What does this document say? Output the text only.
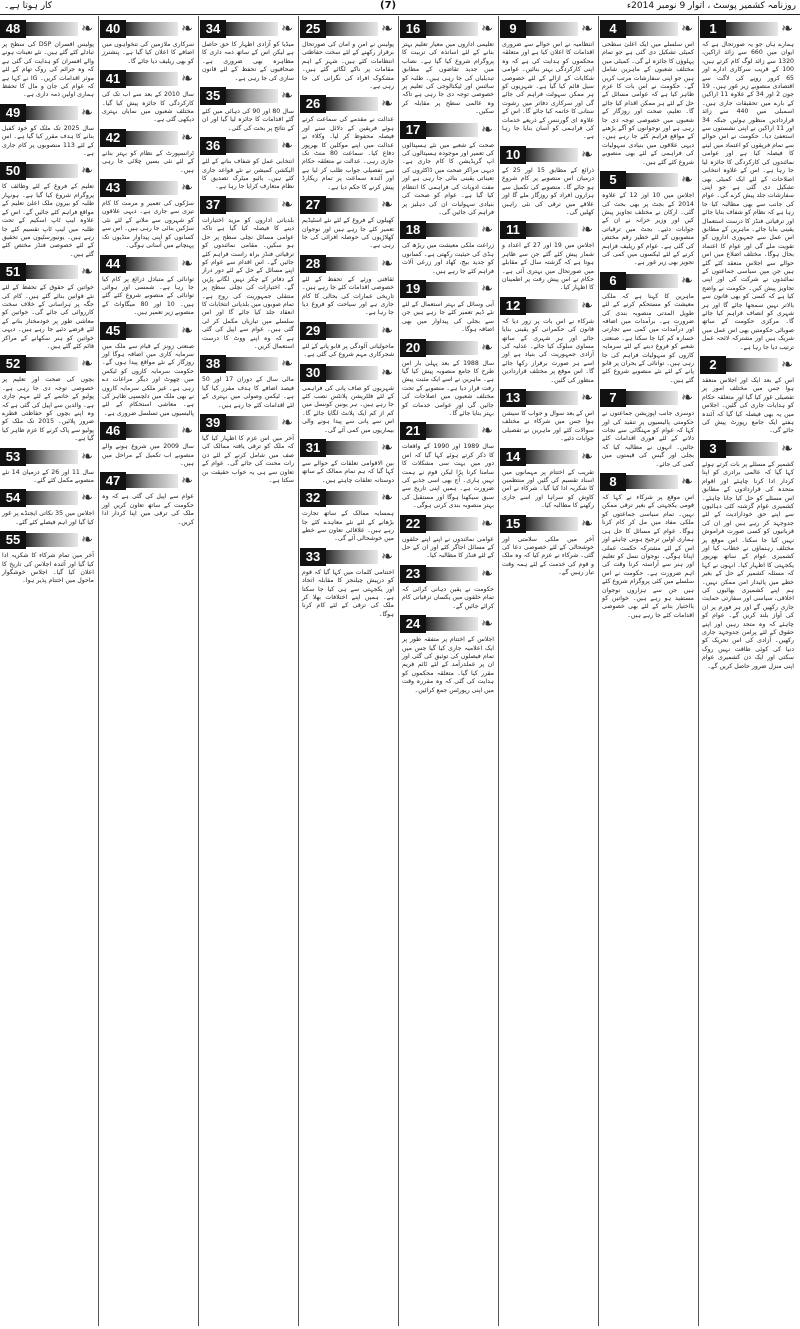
کار ہوتا ہے۔	(7)	روزنامہ کشمیر پوسٹ ، اتوار 9 نومبر 2014ء
1	❧

ہمارے ہاں جو یہ صورتحال ہے کہ ایوان میں 660 سے زائد اراکین، 1320 سے زائد لوگ کام کرتے ہیں، 100 کے قریب سرکاری ادارے اور 65 کرور روپے کی لاگت سے اقتصادی منصوبے زیر غور ہیں۔ 19 جون 2 اور 34 کے علاوہ 11 اراکین کے بارے میں تحقیقات جاری ہیں۔ اسمبلی میں 440 سے زائد قراردادیں منظور ہوئیں جبکہ 34 اور 11 اراکین نے اپنی نشستوں سے استعفیٰ دیا۔ حکومت نے اس حوالے سے تمام فریقوں کو اعتماد میں لینے کا فیصلہ کیا ہے اور عوامی نمائندوں کی کارکردگی کا جائزہ لیا جا رہا ہے۔ اس کے علاوہ انتخابی اصلاحات کے لئے ایک کمیٹی بھی تشکیل دی گئی ہے جو اپنی سفارشات جلد پیش کرے گی۔ عوام کی جانب سے بھی مطالبہ کیا جا رہا ہے کہ نظام کو شفاف بنایا جائے اور ترقیاتی فنڈز کا درست استعمال یقینی بنایا جائے۔ ماہرین کے مطابق اس عمل سے جمہوری اداروں کو تقویت ملے گی اور عوام کا اعتماد بحال ہوگا۔ مختلف اضلاع میں اس حوالے سے اجلاس منعقد کئے گئے ہیں جن میں سیاسی جماعتوں کے نمائندوں نے شرکت کی اور اپنی تجاویز پیش کیں۔ حکومت نے واضح کیا ہے کہ کسی کو بھی قانون سے بالاتر نہیں سمجھا جائے گا اور ہر شہری کو انصاف فراہم کیا جائے گا۔ مرکزی حکومت کے ساتھ صوبائی حکومتیں بھی اس عمل میں شریک ہیں اور مشترکہ لائحہ عمل ترتیب دیا جا رہا ہے۔

2	❧

اس کے بعد ایک اور اجلاس منعقد ہوا جس میں مختلف امور پر تفصیلی غور کیا گیا اور متعلقہ حکام کو ہدایات جاری کی گئیں۔ اجلاس میں یہ بھی فیصلہ کیا گیا کہ آئندہ ہفتے ایک جامع رپورٹ پیش کی جائے گی۔

3	❧

کشمیر کے مسئلے پر بات کرتے ہوئے کہا گیا کہ عالمی برادری کو اپنا کردار ادا کرنا چاہئے اور اقوام متحدہ کی قراردادوں کے مطابق اس مسئلے کو حل کیا جانا چاہئے۔ کشمیری عوام گزشتہ کئی دہائیوں سے اپنے حق خودارادیت کے لئے جدوجہد کر رہے ہیں اور ان کی قربانیوں کو کسی صورت فراموش نہیں کیا جا سکتا۔ اس موقع پر مختلف رہنماؤں نے خطاب کیا اور کشمیری عوام کے ساتھ بھرپور یکجہتی کا اظہار کیا۔ انہوں نے کہا کہ مسئلہ کشمیر کے حل کے بغیر خطے میں پائیدار امن ممکن نہیں۔ ہم اپنے کشمیری بھائیوں کی اخلاقی، سیاسی اور سفارتی حمایت جاری رکھیں گے اور ہر فورم پر ان کی آواز بلند کریں گے۔ عوام کو چاہئے کہ وہ متحد رہیں اور اپنے حقوق کے لئے پرامن جدوجہد جاری رکھیں۔ آزادی کی اس تحریک کو دنیا کی کوئی طاقت نہیں روک سکتی اور ایک دن کشمیری عوام اپنی منزل ضرور حاصل کریں گے۔

4	❧

اس سلسلے میں ایک اعلیٰ سطحی کمیٹی تشکیل دی گئی ہے جو تمام پہلوؤں کا جائزہ لے گی۔ کمیٹی میں مختلف شعبوں کے ماہرین شامل ہیں جو اپنی سفارشات مرتب کریں گے۔ حکومت نے اس بات کا عزم ظاہر کیا ہے کہ عوامی مسائل کے حل کے لئے ہر ممکن اقدام کیا جائے گا۔ تعلیم، صحت اور روزگار کے شعبوں میں خصوصی توجہ دی جا رہی ہے اور نوجوانوں کو آگے بڑھنے کے مواقع فراہم کئے جا رہے ہیں۔ دیہی علاقوں میں بنیادی سہولیات کی فراہمی کے لئے بھی منصوبے شروع کئے گئے ہیں۔

5	❧

اجلاس میں 10 اور 12 کے علاوہ 2014 کے بجٹ پر بھی بحث کی گئی۔ ارکان نے مختلف تجاویز پیش کیں اور وزیر خزانہ نے ان کے جوابات دئیے۔ بجٹ میں ترقیاتی منصوبوں کے لئے خطیر رقم مختص کی گئی ہے۔ عوام کو ریلیف فراہم کرنے کے لئے ٹیکسوں میں کمی کی تجویز بھی زیر غور ہے۔

6	❧

ماہرین کا کہنا ہے کہ ملکی معیشت کو مستحکم کرنے کے لئے طویل المدتی منصوبہ بندی کی ضرورت ہے۔ برآمدات میں اضافہ اور درآمدات میں کمی سے تجارتی خسارہ کم کیا جا سکتا ہے۔ صنعتی شعبے کو فروغ دینے کے لئے سرمایہ کاروں کو سہولیات فراہم کی جا رہی ہیں۔ توانائی کے بحران پر قابو پانے کے لئے نئے منصوبے شروع کئے گئے ہیں۔

7	❧

دوسری جانب اپوزیشن جماعتوں نے حکومتی پالیسیوں پر تنقید کی اور کہا کہ عوام کو مہنگائی سے نجات دلانے کے لئے فوری اقدامات کئے جائیں۔ انہوں نے مطالبہ کیا کہ بجلی اور گیس کی قیمتوں میں کمی کی جائے۔

8	❧

اس موقع پر شرکاء نے کہا کہ قومی یکجہتی کے بغیر ترقی ممکن نہیں۔ تمام سیاسی جماعتوں کو ملکی مفاد میں مل کر کام کرنا ہوگا۔ عوام کے مسائل کا حل ہی ہماری اولین ترجیح ہونی چاہئے اور اس کے لئے مشترکہ حکمت عملی اپنانا ہوگی۔ نوجوان نسل کو تعلیم اور ہنر سے آراستہ کرنا وقت کی اہم ضرورت ہے۔ حکومت نے اس سلسلے میں کئی پروگرام شروع کئے ہیں جن سے ہزاروں نوجوان مستفید ہو رہے ہیں۔ خواتین کو بااختیار بنانے کے لئے بھی خصوصی اقدامات کئے جا رہے ہیں۔

9	❧

انتظامیہ نے اس حوالے سے ضروری اقدامات کا اعلان کیا ہے اور متعلقہ محکموں کو ہدایت کی ہے کہ وہ اپنی کارکردگی بہتر بنائیں۔ عوامی شکایات کے ازالے کے لئے خصوصی سیل قائم کیا گیا ہے۔ شہریوں کو ہر ممکن سہولت فراہم کی جائے گی اور سرکاری دفاتر میں رشوت ستانی کا خاتمہ کیا جائے گا۔ اس کے علاوہ ای گورننس کے ذریعے خدمات کی فراہمی کو آسان بنایا جا رہا ہے۔

10	❧

ذرائع کے مطابق 15 اور 25 کے درمیان اس منصوبے پر کام شروع ہو جائے گا۔ منصوبے کی تکمیل سے ہزاروں افراد کو روزگار ملے گا اور علاقے میں ترقی کی نئی راہیں کھلیں گی۔

11	❧

اجلاس میں 19 اور 27 کے اعداد و شمار پیش کئے گئے جن سے ظاہر ہوتا ہے کہ گزشتہ سال کے مقابلے میں صورتحال میں بہتری آئی ہے۔ حکام نے اس پیش رفت پر اطمینان کا اظہار کیا۔

12	❧

شرکاء نے اس بات پر زور دیا کہ قانون کی حکمرانی کو یقینی بنایا جائے اور ہر شہری کے ساتھ مساوی سلوک کیا جائے۔ عدلیہ کی آزادی جمہوریت کی بنیاد ہے اور اسے ہر صورت برقرار رکھا جائے گا۔ اس موقع پر مختلف قراردادیں منظور کی گئیں۔

13	❧

اس کے بعد سوال و جواب کا سیشن ہوا جس میں شرکاء نے مختلف سوالات کئے اور ماہرین نے تفصیلی جوابات دئیے۔

14	❧

تقریب کے اختتام پر مہمانوں میں اسناد تقسیم کی گئیں اور منتظمین کا شکریہ ادا کیا گیا۔ شرکاء نے اس کاوش کو سراہا اور اسے جاری رکھنے کا مطالبہ کیا۔

15	❧

آخر میں ملکی سلامتی اور خوشحالی کے لئے خصوصی دعا کی گئی۔ شرکاء نے عزم کیا کہ وہ ملک و قوم کی خدمت کے لئے ہمہ وقت تیار رہیں گے۔

16	❧

تعلیمی اداروں میں معیار تعلیم بہتر بنانے کے لئے اساتذہ کی تربیت کا پروگرام شروع کیا گیا ہے۔ نصاب میں جدید تقاضوں کے مطابق تبدیلیاں کی جا رہی ہیں۔ طلبہ کو سائنس اور ٹیکنالوجی کی تعلیم پر خصوصی توجہ دی جا رہی ہے تاکہ وہ عالمی سطح پر مقابلہ کر سکیں۔

17	❧

صحت کے شعبے میں نئے ہسپتالوں کی تعمیر اور موجودہ ہسپتالوں کی اپ گریڈیشن کا کام جاری ہے۔ دیہی مراکز صحت میں ڈاکٹروں کی تعیناتی یقینی بنائی جا رہی ہے اور مفت ادویات کی فراہمی کا انتظام کیا گیا ہے۔ عوام کو صحت کی بنیادی سہولیات ان کی دہلیز پر فراہم کی جائیں گی۔

18	❧

زراعت ملکی معیشت میں ریڑھ کی ہڈی کی حیثیت رکھتی ہے۔ کسانوں کو جدید بیج، کھاد اور زرعی آلات فراہم کئے جا رہے ہیں۔

19	❧

آبی وسائل کے بہتر استعمال کے لئے نئے ڈیم تعمیر کئے جا رہے ہیں جن سے بجلی کی پیداوار میں بھی اضافہ ہوگا۔

20	❧

سال 1988 کے بعد پہلی بار اس طرح کا جامع منصوبہ پیش کیا گیا ہے۔ ماہرین نے اسے ایک مثبت پیش رفت قرار دیا ہے۔ منصوبے کے تحت مختلف شعبوں میں اصلاحات کی جائیں گی اور عوامی خدمات کو بہتر بنایا جائے گا۔

21	❧

سال 1989 اور 1990 کے واقعات کا ذکر کرتے ہوئے کہا گیا کہ اس دور میں بہت سی مشکلات کا سامنا کرنا پڑا لیکن قوم نے ہمت نہیں ہاری۔ آج بھی اسی جذبے کی ضرورت ہے۔ ہمیں اپنی تاریخ سے سبق سیکھنا ہوگا اور مستقبل کی بہتر منصوبہ بندی کرنی ہوگی۔

22	❧

عوامی نمائندوں نے اپنے اپنے حلقوں کے مسائل اجاگر کئے اور ان کے حل کے لئے فنڈز کا مطالبہ کیا۔

23	❧

حکومت نے یقین دہانی کرائی کہ تمام حلقوں میں یکساں ترقیاتی کام کرائے جائیں گے۔

24	❧

اجلاس کے اختتام پر متفقہ طور پر ایک اعلامیہ جاری کیا گیا جس میں تمام فیصلوں کی توثیق کی گئی اور ان پر عملدرآمد کے لئے ٹائم فریم مقرر کیا گیا۔ متعلقہ محکموں کو ہدایت کی گئی کہ وہ مقررہ وقت میں اپنی رپورٹس جمع کرائیں۔

25	❧

پولیس نے امن و امان کی صورتحال برقرار رکھنے کے لئے سخت حفاظتی انتظامات کئے ہیں۔ شہر کے اہم مقامات پر ناکے لگائے گئے ہیں۔ مشکوک افراد کی نگرانی کی جا رہی ہے۔

26	❧

عدالت نے مقدمے کی سماعت کرتے ہوئے فریقین کے دلائل سنے اور فیصلہ محفوظ کر لیا۔ وکلاء نے عدالت میں اپنے موکلین کا بھرپور دفاع کیا۔ سماعت 80 منٹ تک جاری رہی۔ عدالت نے متعلقہ حکام سے تفصیلی جواب طلب کر لیا ہے اور آئندہ سماعت پر تمام ریکارڈ پیش کرنے کا حکم دیا ہے۔

27	❧

کھیلوں کے فروغ کے لئے نئے اسٹیڈیم تعمیر کئے جا رہے ہیں اور نوجوان کھلاڑیوں کی حوصلہ افزائی کی جا رہی ہے۔

28	❧

ثقافتی ورثے کے تحفظ کے لئے خصوصی اقدامات کئے جا رہے ہیں۔ تاریخی عمارات کی بحالی کا کام جاری ہے اور سیاحت کو فروغ دیا جا رہا ہے۔

29	❧

ماحولیاتی آلودگی پر قابو پانے کے لئے شجرکاری مہم شروع کی گئی ہے۔

30	❧

شہریوں کو صاف پانی کی فراہمی کے لئے فلٹریشن پلانٹس نصب کئے جا رہے ہیں۔ ہر یونین کونسل میں کم از کم ایک پلانٹ لگایا جائے گا۔ اس سے پانی سے پیدا ہونے والی بیماریوں میں کمی آئے گی۔

31	❧

بین الاقوامی تعلقات کے حوالے سے کہا گیا کہ ہم تمام ممالک کے ساتھ دوستانہ تعلقات چاہتے ہیں۔

32	❧

ہمسایہ ممالک کے ساتھ تجارت بڑھانے کے لئے نئے معاہدے کئے جا رہے ہیں۔ علاقائی تعاون سے خطے میں خوشحالی آئے گی۔

33	❧

اختتامی کلمات میں کہا گیا کہ قوم کو درپیش چیلنجز کا مقابلہ اتحاد اور یکجہتی سے ہی کیا جا سکتا ہے۔ ہمیں اپنے اختلافات بھلا کر ملک کی ترقی کے لئے کام کرنا ہوگا۔

34	❧

میڈیا کو آزادی اظہار کا حق حاصل ہے لیکن اس کے ساتھ ذمہ داری کا مظاہرہ بھی ضروری ہے۔ صحافیوں کے تحفظ کے لئے قانون سازی کی جا رہی ہے۔

35	❧

سال 80 اور 90 کی دہائی میں کئے گئے اقدامات کا جائزہ لیا گیا اور ان کے نتائج پر بحث کی گئی۔

36	❧

انتخابی عمل کو شفاف بنانے کے لئے الیکشن کمیشن نے نئے قواعد جاری کئے ہیں۔ بائیو میٹرک تصدیق کا نظام متعارف کرایا جا رہا ہے۔

37	❧

بلدیاتی اداروں کو مزید اختیارات دینے کا فیصلہ کیا گیا ہے تاکہ عوامی مسائل نچلی سطح پر حل ہو سکیں۔ مقامی نمائندوں کو ترقیاتی فنڈز براہ راست فراہم کئے جائیں گے۔ اس اقدام سے عوام کو اپنے مسائل کے حل کے لئے دور دراز کے دفاتر کے چکر نہیں لگانے پڑیں گے۔ اختیارات کی نچلی سطح پر منتقلی جمہوریت کی روح ہے۔ تمام صوبوں میں بلدیاتی انتخابات کا انعقاد جلد کیا جائے گا اور اس سلسلے میں تیاریاں مکمل کر لی گئی ہیں۔ عوام سے اپیل کی گئی ہے کہ وہ اپنے ووٹ کا درست استعمال کریں۔

38	❧

مالی سال کے دوران 17 اور 50 فیصد اضافے کا ہدف مقرر کیا گیا ہے۔ ٹیکس وصولی میں بہتری کے لئے اقدامات کئے جا رہے ہیں۔

39	❧

آخر میں اس عزم کا اظہار کیا گیا کہ ملک کو ترقی یافتہ ممالک کی صف میں شامل کرنے کے لئے دن رات محنت کی جائے گی۔ عوام کے تعاون سے ہی یہ خواب حقیقت بن سکتا ہے۔

40	❧

سرکاری ملازمین کی تنخواہوں میں اضافے کا اعلان کیا گیا ہے۔ پنشنرز کو بھی ریلیف دیا جائے گا۔

41	❧

سال 2010 کے بعد سے اب تک کی کارکردگی کا جائزہ پیش کیا گیا۔ مختلف شعبوں میں نمایاں بہتری دیکھی گئی ہے۔

42	❧

ٹرانسپورٹ کے نظام کو بہتر بنانے کے لئے نئی بسیں چلائی جا رہی ہیں۔

43	❧

سڑکوں کی تعمیر و مرمت کا کام تیزی سے جاری ہے۔ دیہی علاقوں کو شہروں سے ملانے کے لئے نئی سڑکیں بنائی جا رہی ہیں۔ اس سے کسانوں کو اپنی پیداوار منڈیوں تک پہنچانے میں آسانی ہوگی۔

44	❧

توانائی کے متبادل ذرائع پر کام کیا جا رہا ہے۔ شمسی اور ہوائی توانائی کے منصوبے شروع کئے گئے ہیں۔ 10 اور 80 میگاواٹ کے منصوبے زیر تعمیر ہیں۔

45	❧

صنعتی زونز کے قیام سے ملک میں سرمایہ کاری میں اضافہ ہوگا اور روزگار کے نئے مواقع پیدا ہوں گے۔ حکومت سرمایہ کاروں کو ٹیکس میں چھوٹ اور دیگر مراعات دے رہی ہے۔ غیر ملکی سرمایہ کاروں نے بھی ملک میں دلچسپی ظاہر کی ہے۔ معاشی استحکام کے لئے پالیسیوں میں تسلسل ضروری ہے۔

46	❧

سال 2009 میں شروع ہونے والے منصوبے اب تکمیل کے مراحل میں ہیں۔

47	❧

عوام سے اپیل کی گئی ہے کہ وہ حکومت کے ساتھ تعاون کریں اور ملک کی ترقی میں اپنا کردار ادا کریں۔

48	❧

پولیس افسران DSP کی سطح پر تبادلے کئے گئے ہیں۔ نئے تعینات ہونے والے افسران کو ہدایت کی گئی ہے کہ وہ جرائم کی روک تھام کے لئے موثر اقدامات کریں۔ IG نے کہا ہے کہ عوام کی جان و مال کا تحفظ ہماری اولین ذمہ داری ہے۔

49	❧

سال 2025 تک ملک کو خود کفیل بنانے کا ہدف مقرر کیا گیا ہے۔ اس کے لئے 113 منصوبوں پر کام جاری ہے۔

50	❧

تعلیم کے فروغ کے لئے وظائف کا پروگرام شروع کیا گیا ہے۔ ہونہار طلبہ کو بیرون ملک اعلیٰ تعلیم کے مواقع فراہم کئے جائیں گے۔ اس کے علاوہ لیپ ٹاپ اسکیم کے تحت طلبہ میں لیپ ٹاپ تقسیم کئے جا رہے ہیں۔ یونیورسٹیوں میں تحقیق کے لئے خصوصی فنڈز مختص کئے گئے ہیں۔

51	❧

خواتین کے حقوق کے تحفظ کے لئے نئے قوانین بنائے گئے ہیں۔ کام کی جگہ پر ہراسانی کے خلاف سخت کارروائی کی جائے گی۔ خواتین کو معاشی طور پر خودمختار بنانے کے لئے قرضے دئیے جا رہے ہیں۔ دیہی خواتین کو ہنر سکھانے کے مراکز قائم کئے گئے ہیں۔

52	❧

بچوں کی صحت اور تعلیم پر خصوصی توجہ دی جا رہی ہے۔ پولیو کے خاتمے کے لئے مہم جاری ہے۔ والدین سے اپیل کی گئی ہے کہ وہ اپنے بچوں کو حفاظتی قطرے ضرور پلائیں۔ 2015 تک ملک کو پولیو سے پاک کرنے کا عزم ظاہر کیا گیا ہے۔

53	❧

سال 11 اور 26 کے درمیان 14 نئے منصوبے مکمل کئے گئے۔

54	❧

اجلاس میں 35 نکاتی ایجنڈے پر غور کیا گیا اور اہم فیصلے کئے گئے۔

55	❧

آخر میں تمام شرکاء کا شکریہ ادا کیا گیا اور آئندہ اجلاس کی تاریخ کا اعلان کیا گیا۔ اجلاس خوشگوار ماحول میں اختتام پذیر ہوا۔
